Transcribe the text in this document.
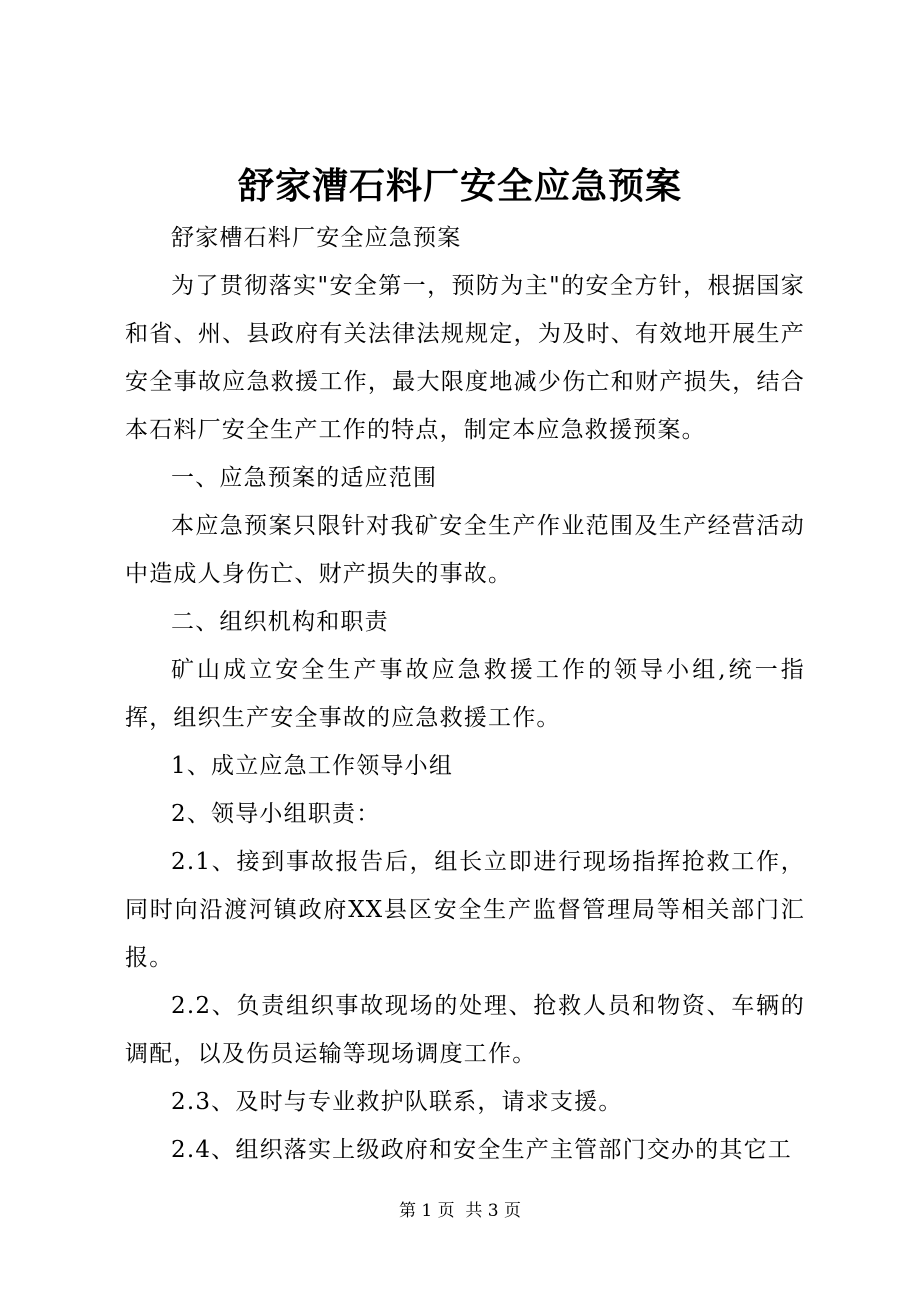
舒家漕石料厂安全应急预案

舒家槽石料厂安全应急预案

为了贯彻落实"安全第一，预防为主"的安全方针，根据国家和省、州、县政府有关法律法规规定，为及时、有效地开展生产安全事故应急救援工作，最大限度地减少伤亡和财产损失，结合本石料厂安全生产工作的特点，制定本应急救援预案。

一、应急预案的适应范围

本应急预案只限针对我矿安全生产作业范围及生产经营活动中造成人身伤亡、财产损失的事故。

二、组织机构和职责

矿山成立安全生产事故应急救援工作的领导小组,统一指挥，组织生产安全事故的应急救援工作。

1、成立应急工作领导小组

2、领导小组职责：

2.1、接到事故报告后，组长立即进行现场指挥抢救工作，同时向沿渡河镇政府XX县区安全生产监督管理局等相关部门汇报。

2.2、负责组织事故现场的处理、抢救人员和物资、车辆的调配，以及伤员运输等现场调度工作。

2.3、及时与专业救护队联系，请求支援。

2.4、组织落实上级政府和安全生产主管部门交办的其它工

第 1 页  共 3 页
